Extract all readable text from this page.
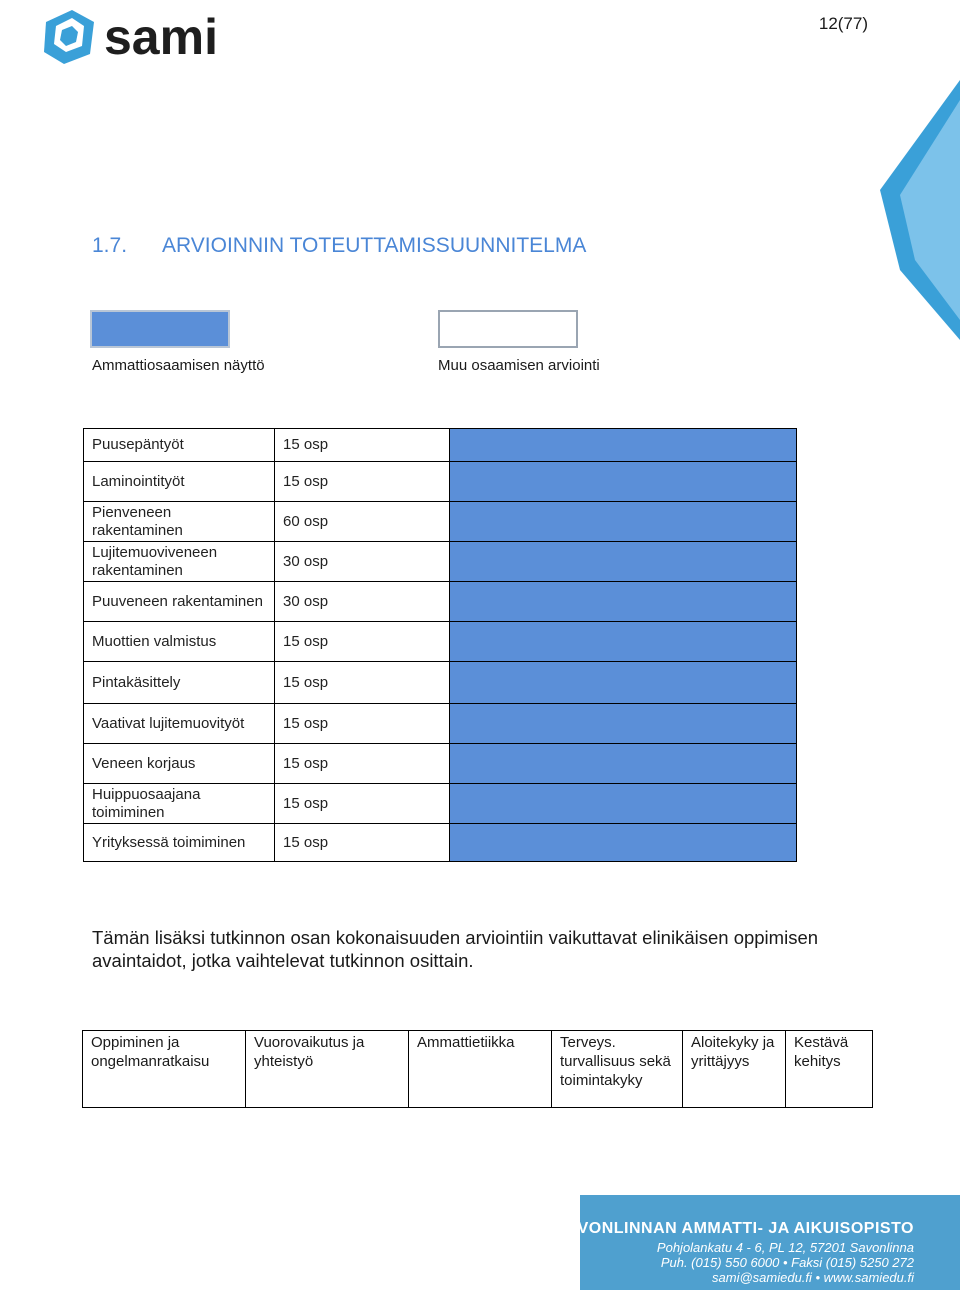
sami	12(77)
1.7. ARVIOINNIN TOTEUTTAMISSUUNNITELMA
Ammattiosaamisen näyttö	Muu osaamisen arviointi
Puusepäntyöt	15 osp	
Laminointityöt	15 osp	
Pienveneen rakentaminen	60 osp	
Lujitemuoviveneen rakentaminen	30 osp	
Puuveneen rakentaminen	30 osp	
Muottien valmistus	15 osp	
Pintakäsittely	15 osp	
Vaativat lujitemuovityöt	15 osp	
Veneen korjaus	15 osp	
Huippuosaajana toimiminen	15 osp	
Yrityksessä toimiminen	15 osp	
Tämän lisäksi tutkinnon osan kokonaisuuden arviointiin vaikuttavat elinikäisen oppimisen avaintaidot, jotka vaihtelevat tutkinnon osittain.
Oppiminen ja ongelmanratkaisu	Vuorovaikutus ja yhteistyö	Ammattietiikka	Terveys. turvallisuus sekä toimintakyky	Aloitekyky ja yrittäjyys	Kestävä kehitys
SAVONLINNAN AMMATTI- JA AIKUISOPISTO
Pohjolankatu 4 - 6, PL 12, 57201 Savonlinna
Puh. (015) 550 6000 • Faksi (015) 5250 272
sami@samiedu.fi • www.samiedu.fi
